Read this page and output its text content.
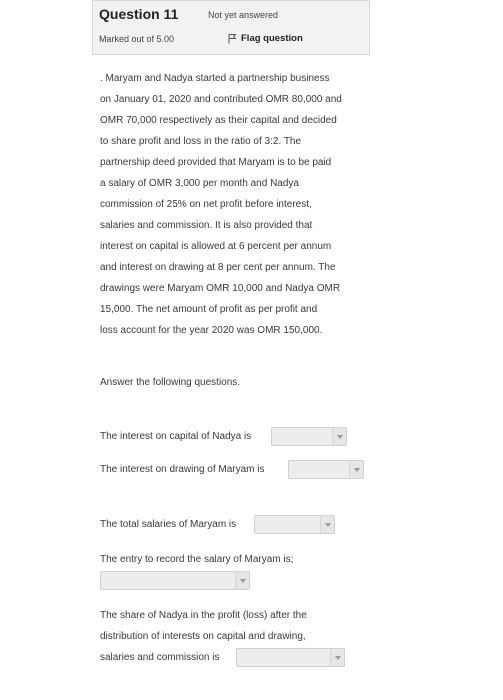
Question 11	Not yet answered
Marked out of 5.00	Flag question
. Maryam and Nadya started a partnership business
on January 01, 2020 and contributed OMR 80,000 and
OMR 70,000 respectively as their capital and decided
to share profit and loss in the ratio of 3:2. The
partnership deed provided that Maryam is to be paid
a salary of OMR 3,000 per month and Nadya
commission of 25% on net profit before interest,
salaries and commission. It is also provided that
interest on capital is allowed at 6 percent per annum
and interest on drawing at 8 per cent per annum. The
drawings were Maryam OMR 10,000 and Nadya OMR
15,000. The net amount of profit as per profit and
loss account for the year 2020 was OMR 150,000.
Answer the following questions.
The interest on capital of Nadya is
The interest on drawing of Maryam is
The total salaries of Maryam is
The entry to record the salary of Maryam is;
The share of Nadya in the profit (loss) after the
distribution of interests on capital and drawing,
salaries and commission is
